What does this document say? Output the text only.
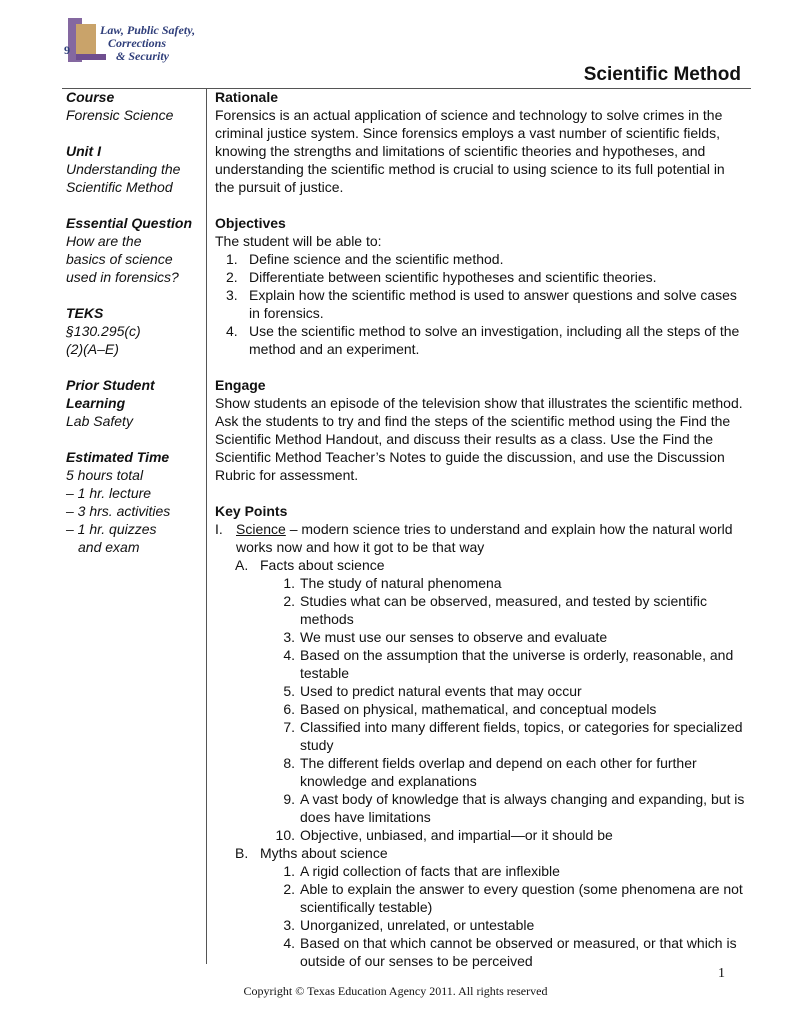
9
Law, Public Safety,
Corrections
& Security
Scientific Method
Course
Forensic Science
Unit I
Understanding the
Scientific Method
Essential Question
How are the
basics of science
used in forensics?
TEKS
§130.295(c)
(2)(A–E)
Prior Student Learning
Lab Safety
Estimated Time
5 hours total
– 1 hr. lecture
– 3 hrs. activities
– 1 hr. quizzes
and exam
Rationale

Forensics is an actual application of science and technology to solve crimes in the criminal justice system. Since forensics employs a vast number of scientific fields, knowing the strengths and limitations of scientific theories and hypotheses, and understanding the scientific method is crucial to using science to its full potential in the pursuit of justice.

Objectives
The student will be able to:
1. Define science and the scientific method.
2. Differentiate between scientific hypotheses and scientific theories.
3. Explain how the scientific method is used to answer questions and solve cases in forensics.
4. Use the scientific method to solve an investigation, including all the steps of the method and an experiment.
Engage

Show students an episode of the television show that illustrates the scientific method. Ask the students to try and find the steps of the scientific method using the Find the Scientific Method Handout, and discuss their results as a class. Use the Find the Scientific Method Teacher’s Notes to guide the discussion, and use the Discussion Rubric for assessment.

Key Points
I. Science – modern science tries to understand and explain how the natural world works now and how it got to be that way
A. Facts about science
1. The study of natural phenomena
2. Studies what can be observed, measured, and tested by scientific methods
3. We must use our senses to observe and evaluate
4. Based on the assumption that the universe is orderly, reasonable, and testable
5. Used to predict natural events that may occur
6. Based on physical, mathematical, and conceptual models
7. Classified into many different fields, topics, or categories for specialized study
8. The different fields overlap and depend on each other for further knowledge and explanations
9. A vast body of knowledge that is always changing and expanding, but is does have limitations
10. Objective, unbiased, and impartial—or it should be
B. Myths about science
1. A rigid collection of facts that are inflexible
2. Able to explain the answer to every question (some phenomena are not scientifically testable)
3. Unorganized, unrelated, or untestable
4. Based on that which cannot be observed or measured, or that which is outside of our senses to be perceived
1
Copyright © Texas Education Agency 2011. All rights reserved
